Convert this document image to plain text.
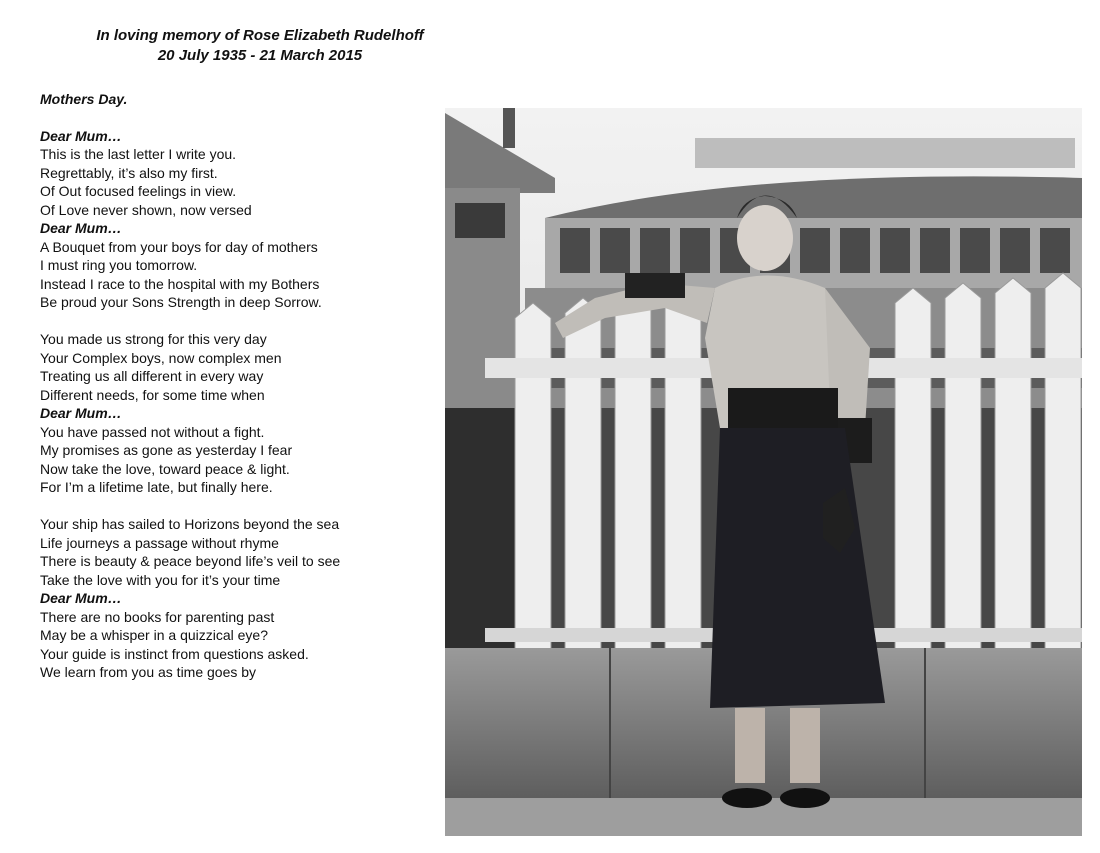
In loving memory of Rose Elizabeth Rudelhoff
20 July 1935 - 21 March 2015
Mothers Day.
Dear Mum…
This is the last letter I write you.
Regrettably, it’s also my first.
Of Out focused feelings in view.
Of Love never shown, now versed
Dear Mum…
A Bouquet from your boys for day of mothers
I must ring you tomorrow.
Instead I race to the hospital with my Bothers
Be proud your Sons Strength in deep Sorrow.
You made us strong for this very day
Your Complex boys, now complex men
Treating us all different in every way
Different needs, for some time when
Dear Mum…
You have passed not without a fight.
My promises as gone as yesterday I fear
Now take the love, toward peace & light.
For I’m a lifetime late, but finally here.
Your ship has sailed to Horizons beyond the sea
Life journeys a passage without rhyme
There is beauty & peace beyond life’s veil to see
Take the love with you for it’s your time
Dear Mum…
There are no books for parenting past
May be a whisper in a quizzical eye?
Your guide is instinct from questions asked.
We learn from you as time goes by
